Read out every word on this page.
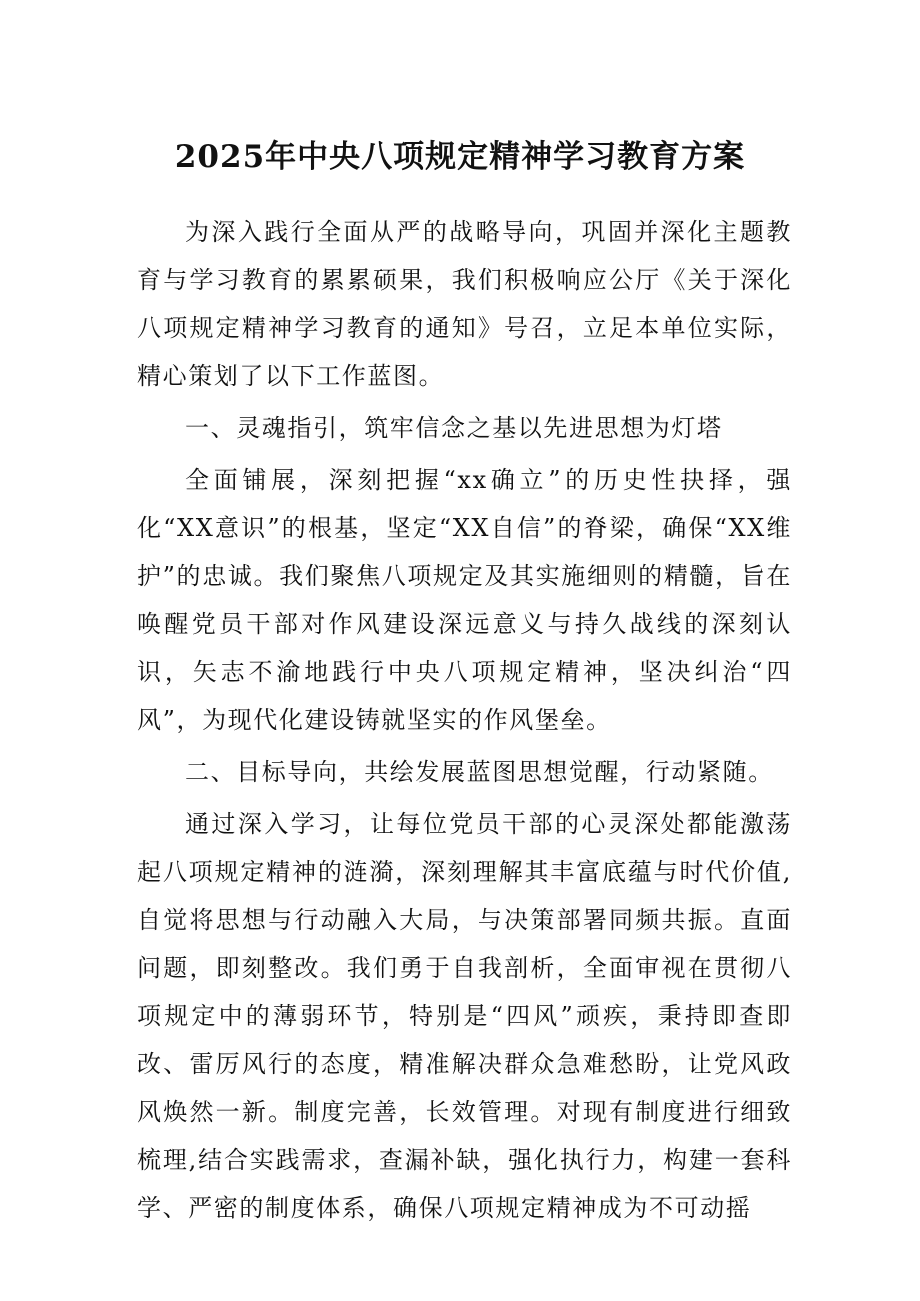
2025年中央八项规定精神学习教育方案

为深入践行全面从严的战略导向，巩固并深化主题教育与学习教育的累累硕果，我们积极响应公厅《关于深化八项规定精神学习教育的通知》号召，立足本单位实际，精心策划了以下工作蓝图。

一、灵魂指引，筑牢信念之基以先进思想为灯塔

全面铺展，深刻把握“xx确立”的历史性抉择，强化“XX意识”的根基，坚定“XX自信”的脊梁，确保“XX维护”的忠诚。我们聚焦八项规定及其实施细则的精髓，旨在唤醒党员干部对作风建设深远意义与持久战线的深刻认识，矢志不渝地践行中央八项规定精神，坚决纠治“四风”，为现代化建设铸就坚实的作风堡垒。

二、目标导向，共绘发展蓝图思想觉醒，行动紧随。

通过深入学习，让每位党员干部的心灵深处都能激荡起八项规定精神的涟漪，深刻理解其丰富底蕴与时代价值,自觉将思想与行动融入大局，与决策部署同频共振。直面问题，即刻整改。我们勇于自我剖析，全面审视在贯彻八项规定中的薄弱环节，特别是“四风”顽疾，秉持即查即改、雷厉风行的态度，精准解决群众急难愁盼，让党风政风焕然一新。制度完善，长效管理。对现有制度进行细致梳理,结合实践需求，查漏补缺，强化执行力，构建一套科学、严密的制度体系，确保八项规定精神成为不可动摇
